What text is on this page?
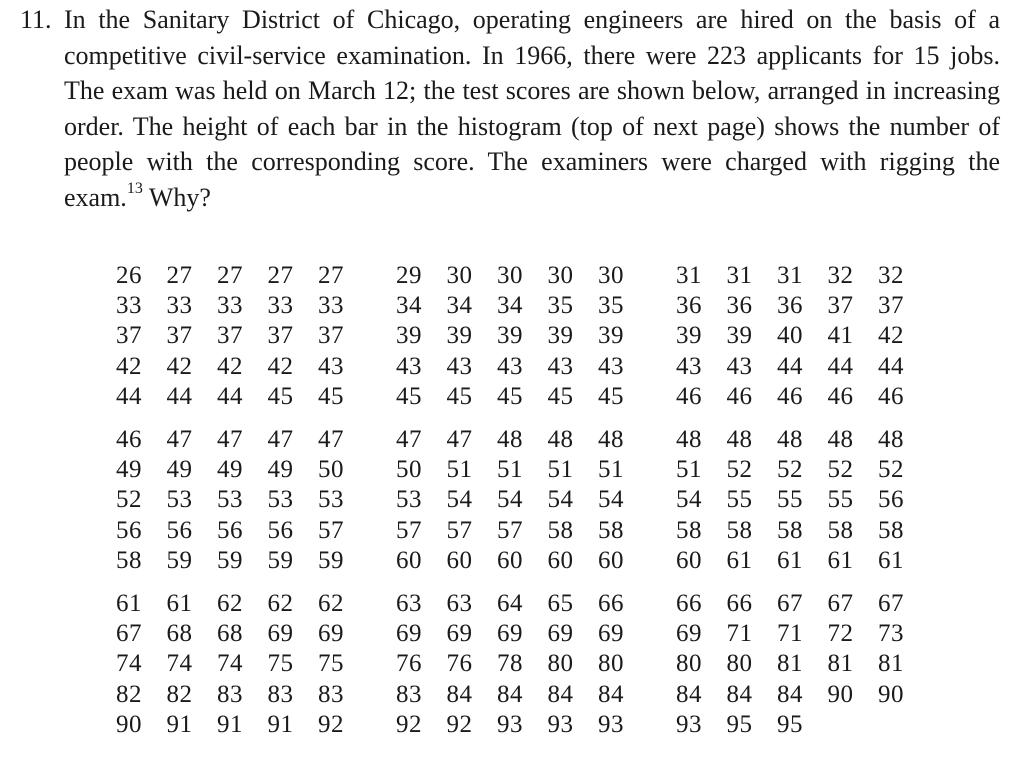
11. In the Sanitary District of Chicago, operating engineers are hired on the basis of a competitive civil-service examination. In 1966, there were 223 applicants for 15 jobs. The exam was held on March 12; the test scores are shown below, arranged in increasing order. The height of each bar in the histogram (top of next page) shows the number of people with the corresponding score. The examiners were charged with rigging the exam.$^{13}$ Why?
26 27 27 27 27
33 33 33 33 33
37 37 37 37 37
42 42 42 42 43
44 44 44 45 45
29 30 30 30 30
34 34 34 35 35
39 39 39 39 39
43 43 43 43 43
45 45 45 45 45
31 31 31 32 32
36 36 36 37 37
39 39 40 41 42
43 43 44 44 44
46 46 46 46 46
46 47 47 47 47
49 49 49 49 50
52 53 53 53 53
56 56 56 56 57
58 59 59 59 59
47 47 48 48 48
50 51 51 51 51
53 54 54 54 54
57 57 57 58 58
60 60 60 60 60
48 48 48 48 48
51 52 52 52 52
54 55 55 55 56
58 58 58 58 58
60 61 61 61 61
61 61 62 62 62
67 68 68 69 69
74 74 74 75 75
82 82 83 83 83
90 91 91 91 92
63 63 64 65 66
69 69 69 69 69
76 76 78 80 80
83 84 84 84 84
92 92 93 93 93
66 66 67 67 67
69 71 71 72 73
80 80 81 81 81
84 84 84 90 90
93 95 95
